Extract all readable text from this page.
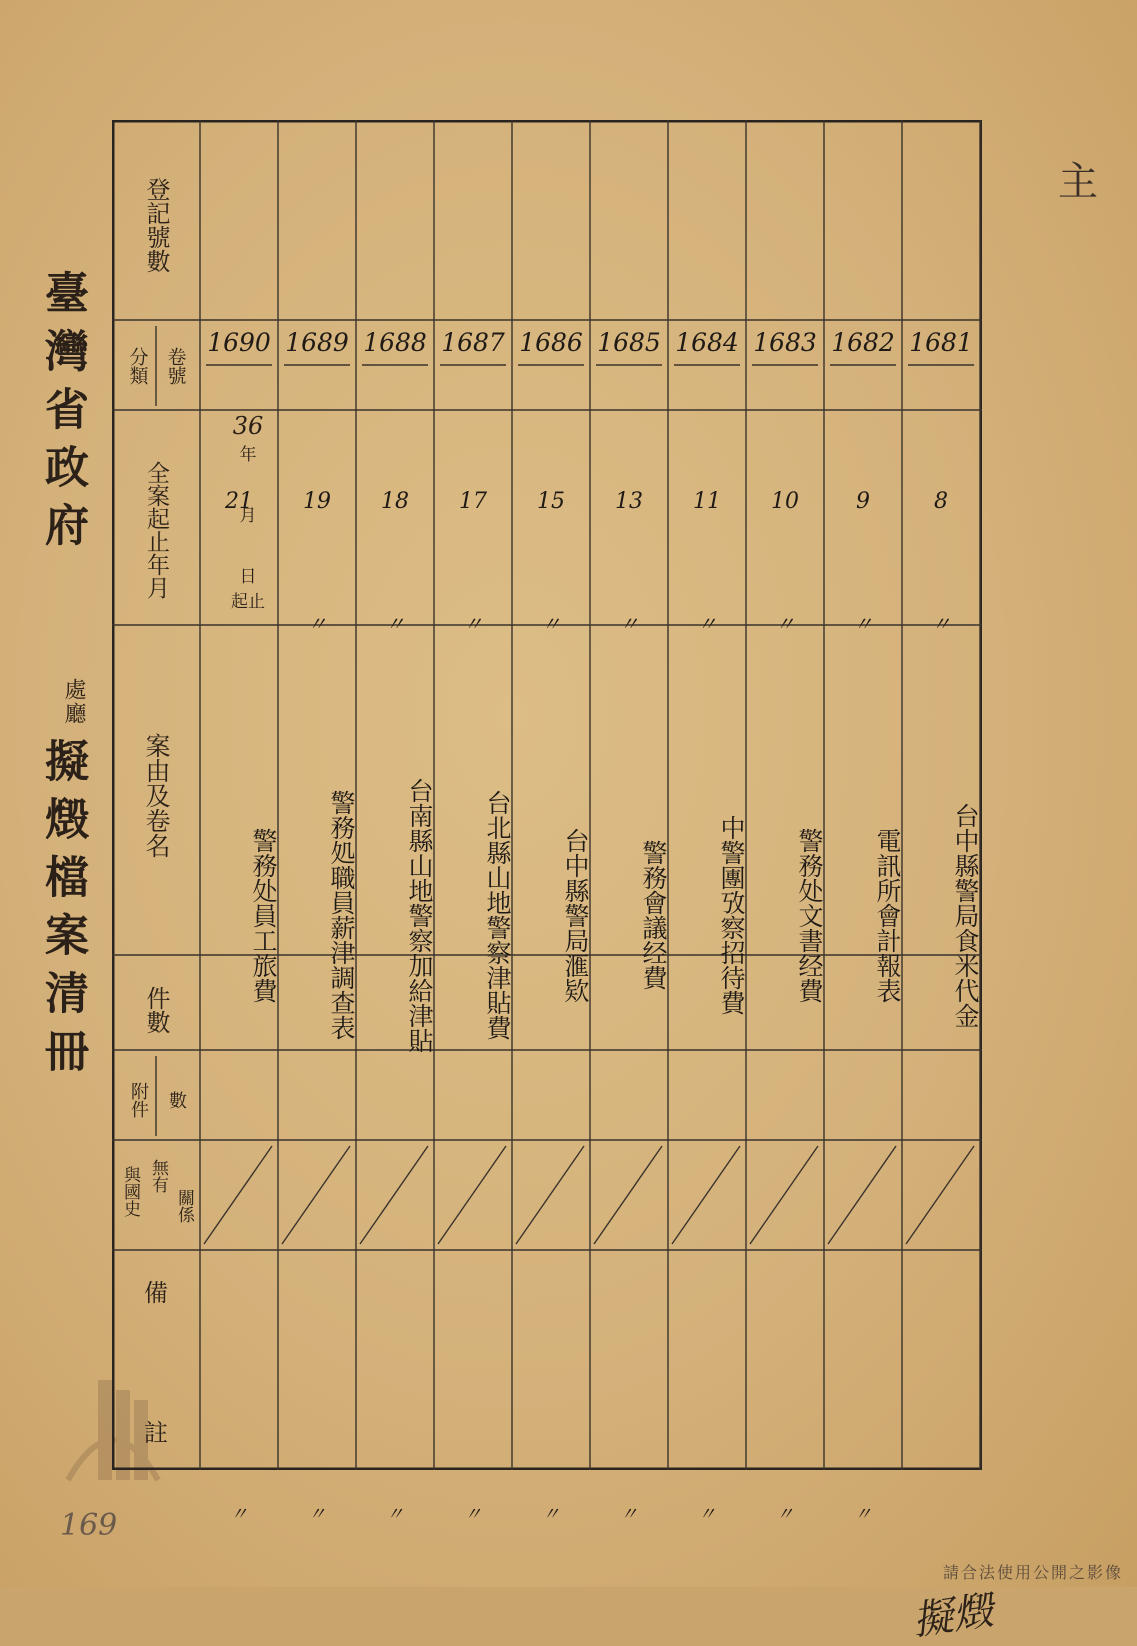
臺灣省政府
處廳
擬燬檔案清冊
169
主
登記號數
分類 卷號
全案起止年月
案由及卷名
件數
附件 數
與國史 無有
關係
備
註
36
年
月
日
起止
1690
21
警務处員工旅費
〃
1689
19
〃
警務処職員薪津調查表
〃
1688
18
〃
台南縣山地警察加給津貼
〃
1687
17
〃
台北縣山地警察津貼費
〃
1686
15
〃
台中縣警局滙欵
〃
1685
13
〃
警務會議经費
〃
1684
11
〃
中警團攷察招待費
〃
1683
10
〃
警務处文書经費
〃
1682
9
〃
電訊所會計報表
〃
1681
8
〃
台中縣警局食米代金
擬燬
請合法使用公開之影像
